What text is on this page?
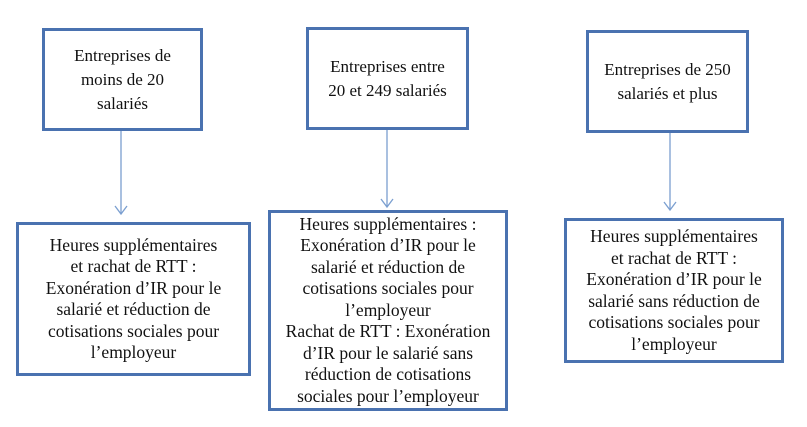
Entreprises de
moins de 20
salariés
Entreprises entre
20 et 249 salariés
Entreprises de 250
salariés et plus
Heures supplémentaires
et rachat de RTT :
Exonération d’IR pour le
salarié et réduction de
cotisations sociales pour
l’employeur
Heures supplémentaires :
Exonération d’IR pour le
salarié et réduction de
cotisations sociales pour
l’employeur
Rachat de RTT : Exonération
d’IR pour le salarié sans
réduction de cotisations
sociales pour l’employeur
Heures supplémentaires
et rachat de RTT :
Exonération d’IR pour le
salarié sans réduction de
cotisations sociales pour
l’employeur
